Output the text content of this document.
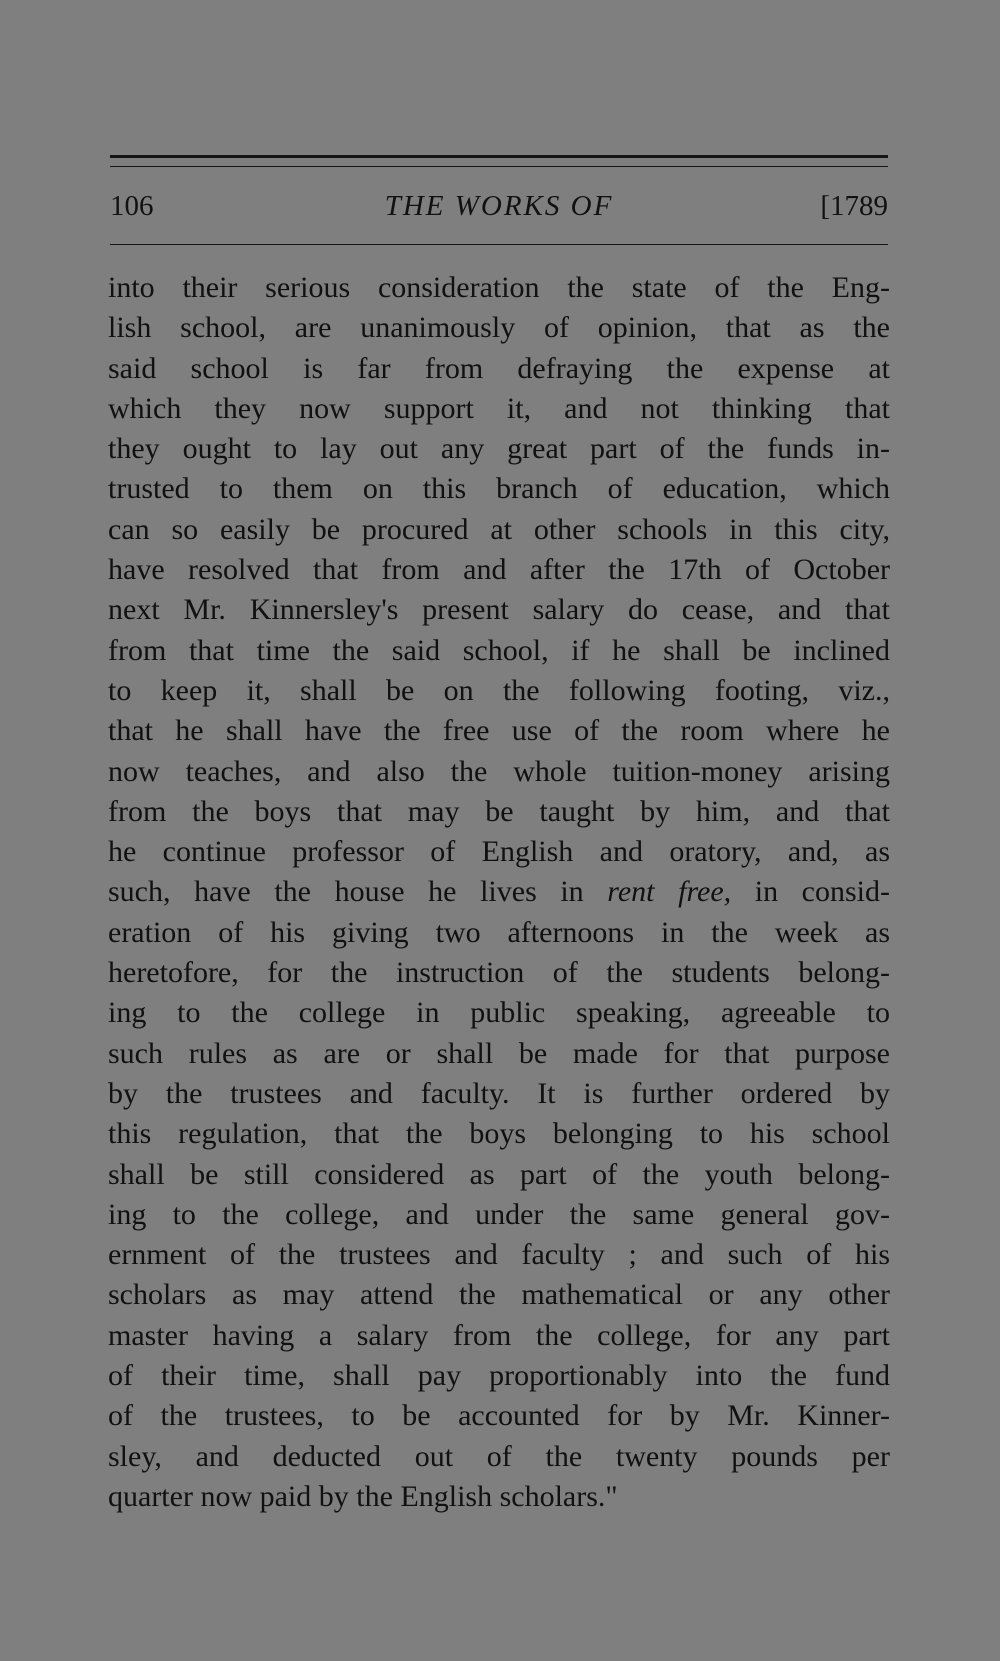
106	THE WORKS OF	[1789
into their serious consideration the state of the Eng-
lish school, are unanimously of opinion, that as the
said school is far from defraying the expense at
which they now support it, and not thinking that
they ought to lay out any great part of the funds in-
trusted to them on this branch of education, which
can so easily be procured at other schools in this city,
have resolved that from and after the 17th of October
next Mr. Kinnersley's present salary do cease, and that
from that time the said school, if he shall be inclined
to keep it, shall be on the following footing, viz.,
that he shall have the free use of the room where he
now teaches, and also the whole tuition-money arising
from the boys that may be taught by him, and that
he continue professor of English and oratory, and, as
such, have the house he lives in rent free, in consid-
eration of his giving two afternoons in the week as
heretofore, for the instruction of the students belong-
ing to the college in public speaking, agreeable to
such rules as are or shall be made for that purpose
by the trustees and faculty. It is further ordered by
this regulation, that the boys belonging to his school
shall be still considered as part of the youth belong-
ing to the college, and under the same general gov-
ernment of the trustees and faculty ; and such of his
scholars as may attend the mathematical or any other
master having a salary from the college, for any part
of their time, shall pay proportionably into the fund
of the trustees, to be accounted for by Mr. Kinner-
sley, and deducted out of the twenty pounds per
quarter now paid by the English scholars."
